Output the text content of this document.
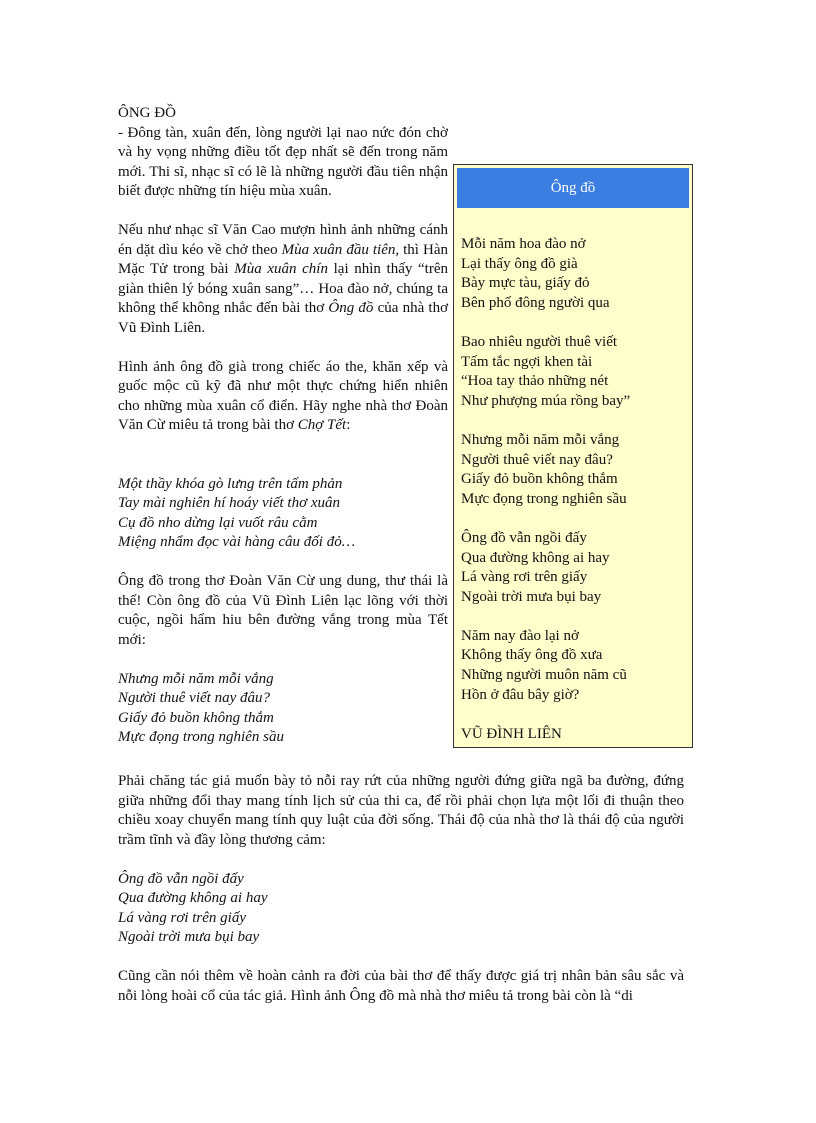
ÔNG ĐỒ

- Đông tàn, xuân đến, lòng người lại nao nức đón chờ và hy vọng những điều tốt đẹp nhất sẽ đến trong năm mới. Thi sĩ, nhạc sĩ có lẽ là những người đầu tiên nhận biết được những tín hiệu mùa xuân.

Nếu như nhạc sĩ Văn Cao mượn hình ảnh những cánh én dặt dìu kéo về chở theo Mùa xuân đầu tiên, thì Hàn Mặc Tử trong bài Mùa xuân chín lại nhìn thấy “trên giàn thiên lý bóng xuân sang”… Hoa đào nở, chúng ta không thể không nhắc đến bài thơ Ông đồ của nhà thơ Vũ Đình Liên.

Hình ảnh ông đồ già trong chiếc áo the, khăn xếp và guốc mộc cũ kỹ đã như một thực chứng hiển nhiên cho những mùa xuân cổ điển. Hãy nghe nhà thơ Đoàn Văn Cừ miêu tả trong bài thơ Chợ Tết:

Một thầy khóa gò lưng trên tấm phản

Tay mài nghiên hí hoáy viết thơ xuân

Cụ đồ nho dừng lại vuốt râu cằm

Miệng nhẩm đọc vài hàng câu đối đỏ…

Ông đồ trong thơ Đoàn Văn Cừ ung dung, thư thái là thế! Còn ông đồ của Vũ Đình Liên lạc lõng với thời cuộc, ngồi hẩm hiu bên đường vắng trong mùa Tết mới:

Nhưng mỗi năm mỗi vắng

Người thuê viết nay đâu?

Giấy đỏ buồn không thắm

Mực đọng trong nghiên sầu

Ông đồ

Mỗi năm hoa đào nở

Lại thấy ông đồ già

Bày mực tàu, giấy đỏ

Bên phố đông người qua

Bao nhiêu người thuê viết

Tấm tắc ngợi khen tài

“Hoa tay thảo những nét

Như phượng múa rồng bay”

Nhưng mỗi năm mỗi vắng

Người thuê viết nay đâu?

Giấy đỏ buồn không thắm

Mực đọng trong nghiên sầu

Ông đồ vẫn ngồi đấy

Qua đường không ai hay

Lá vàng rơi trên giấy

Ngoài trời mưa bụi bay

Năm nay đào lại nở

Không thấy ông đồ xưa

Những người muôn năm cũ

Hồn ở đâu bây giờ?

VŨ ĐÌNH LIÊN

Phải chăng tác giả muốn bày tỏ nỗi ray rứt của những người đứng giữa ngã ba đường, đứng giữa những đổi thay mang tính lịch sử của thi ca, để rồi phải chọn lựa một lối đi thuận theo chiều xoay chuyển mang tính quy luật của đời sống. Thái độ của nhà thơ là thái độ của người trầm tĩnh và đầy lòng thương cảm:

Ông đồ vẫn ngồi đấy

Qua đường không ai hay

Lá vàng rơi trên giấy

Ngoài trời mưa bụi bay

Cũng cần nói thêm về hoàn cảnh ra đời của bài thơ để thấy được giá trị nhân bản sâu sắc và nỗi lòng hoài cổ của tác giả. Hình ảnh Ông đồ mà nhà thơ miêu tả trong bài còn là “di
